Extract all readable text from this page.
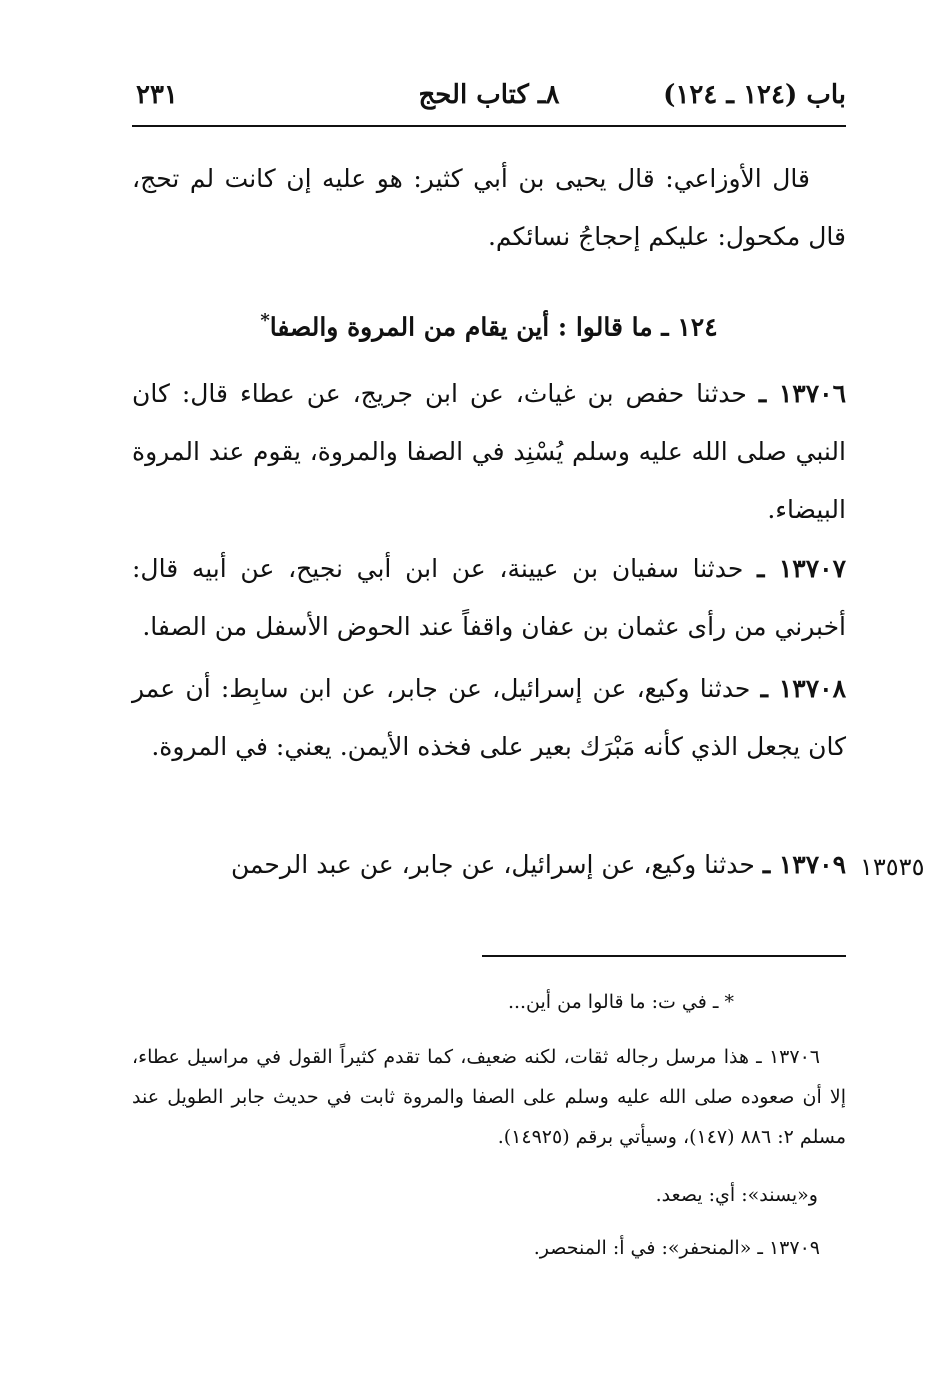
باب (١٢٤ ـ ١٢٤)
٨ـ كتاب الحج
٢٣١

قال الأوزاعي: قال يحيى بن أبي كثير: هو عليه إن كانت لم تحج، قال مكحول: عليكم إحجاجُ نسائكم.

١٢٤ ـ ما قالوا : أين يقام من المروة والصفا*

١٣٧٠٦ ـ حدثنا حفص بن غياث، عن ابن جريج، عن عطاء قال: كان النبي صلى الله عليه وسلم يُسْنِد في الصفا والمروة، يقوم عند المروة البيضاء.

١٣٧٠٧ ـ حدثنا سفيان بن عيينة، عن ابن أبي نجيح، عن أبيه قال: أخبرني من رأى عثمان بن عفان واقفاً عند الحوض الأسفل من الصفا.

١٣٧٠٨ ـ حدثنا وكيع، عن إسرائيل، عن جابر، عن ابن سابِط: أن عمر كان يجعل الذي كأنه مَبْرَك بعير على فخذه الأيمن. يعني: في المروة.

١٣٧٠٩ ـ حدثنا وكيع، عن إسرائيل، عن جابر، عن عبد الرحمن	١٣٥٣٥

* ـ في ت: ما قالوا من أين...

١٣٧٠٦ ـ هذا مرسل رجاله ثقات، لكنه ضعيف، كما تقدم كثيراً القول في مراسيل عطاء، إلا أن صعوده صلى الله عليه وسلم على الصفا والمروة ثابت في حديث جابر الطويل عند مسلم ٢: ٨٨٦ (١٤٧)، وسيأتي برقم (١٤٩٢٥).

و«يسند»: أي: يصعد.

١٣٧٠٩ ـ «المنحفر»: في أ: المنحصر.
